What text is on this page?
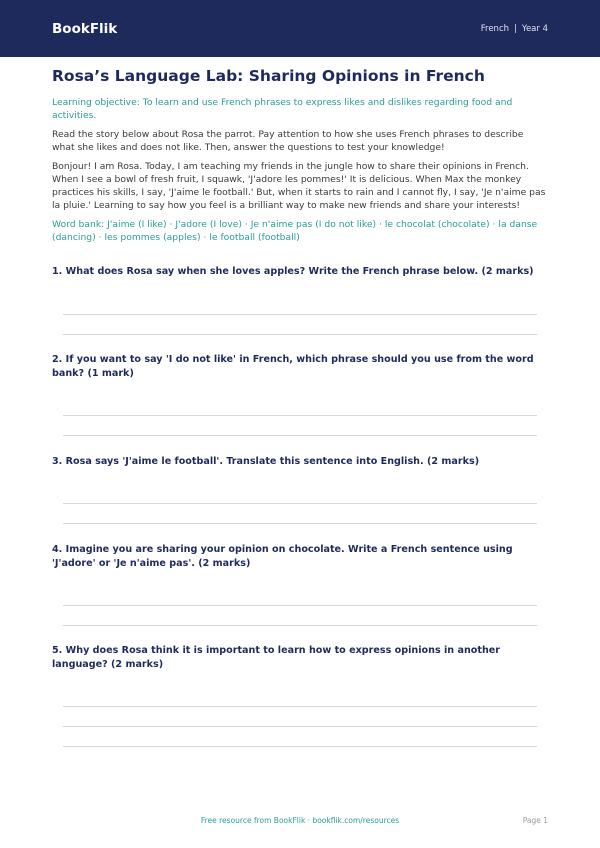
BookFlik	French | Year 4
Rosa’s Language Lab: Sharing Opinions in French
Learning objective: To learn and use French phrases to express likes and dislikes regarding food and activities.
Read the story below about Rosa the parrot. Pay attention to how she uses French phrases to describe what she likes and does not like. Then, answer the questions to test your knowledge!
Bonjour! I am Rosa. Today, I am teaching my friends in the jungle how to share their opinions in French. When I see a bowl of fresh fruit, I squawk, 'J'adore les pommes!' It is delicious. When Max the monkey practices his skills, I say, 'J'aime le football.' But, when it starts to rain and I cannot fly, I say, 'Je n'aime pas la pluie.' Learning to say how you feel is a brilliant way to make new friends and share your interests!
Word bank: J'aime (I like) · J'adore (I love) · Je n'aime pas (I do not like) · le chocolat (chocolate) · la danse (dancing) · les pommes (apples) · le football (football)
1. What does Rosa say when she loves apples? Write the French phrase below. (2 marks)
2. If you want to say 'I do not like' in French, which phrase should you use from the word bank? (1 mark)
3. Rosa says 'J'aime le football'. Translate this sentence into English. (2 marks)
4. Imagine you are sharing your opinion on chocolate. Write a French sentence using 'J'adore' or 'Je n'aime pas'. (2 marks)
5. Why does Rosa think it is important to learn how to express opinions in another language? (2 marks)
Free resource from BookFlik · bookflik.com/resources	Page 1
